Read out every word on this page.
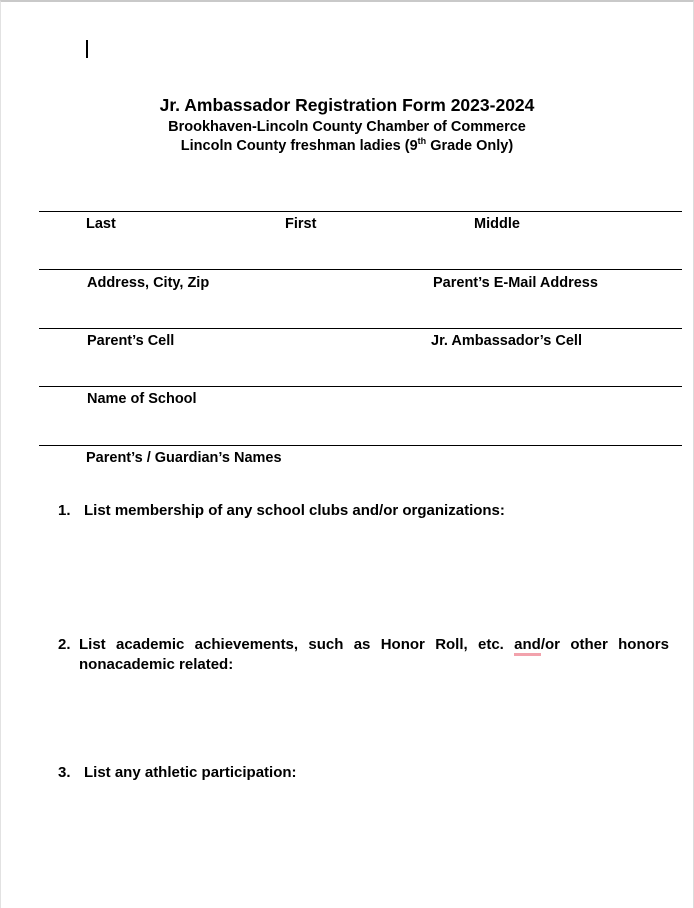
Jr. Ambassador Registration Form 2023-2024
Brookhaven-Lincoln County Chamber of Commerce
Lincoln County freshman ladies (9th Grade Only)
Last	First	Middle
Address, City, Zip	Parent’s E-Mail Address
Parent’s Cell	Jr. Ambassador’s Cell
Name of School
Parent’s / Guardian’s Names
1. List membership of any school clubs and/or organizations:
2. List academic achievements, such as Honor Roll, etc. and/or other honors
nonacademic related:
3. List any athletic participation:
